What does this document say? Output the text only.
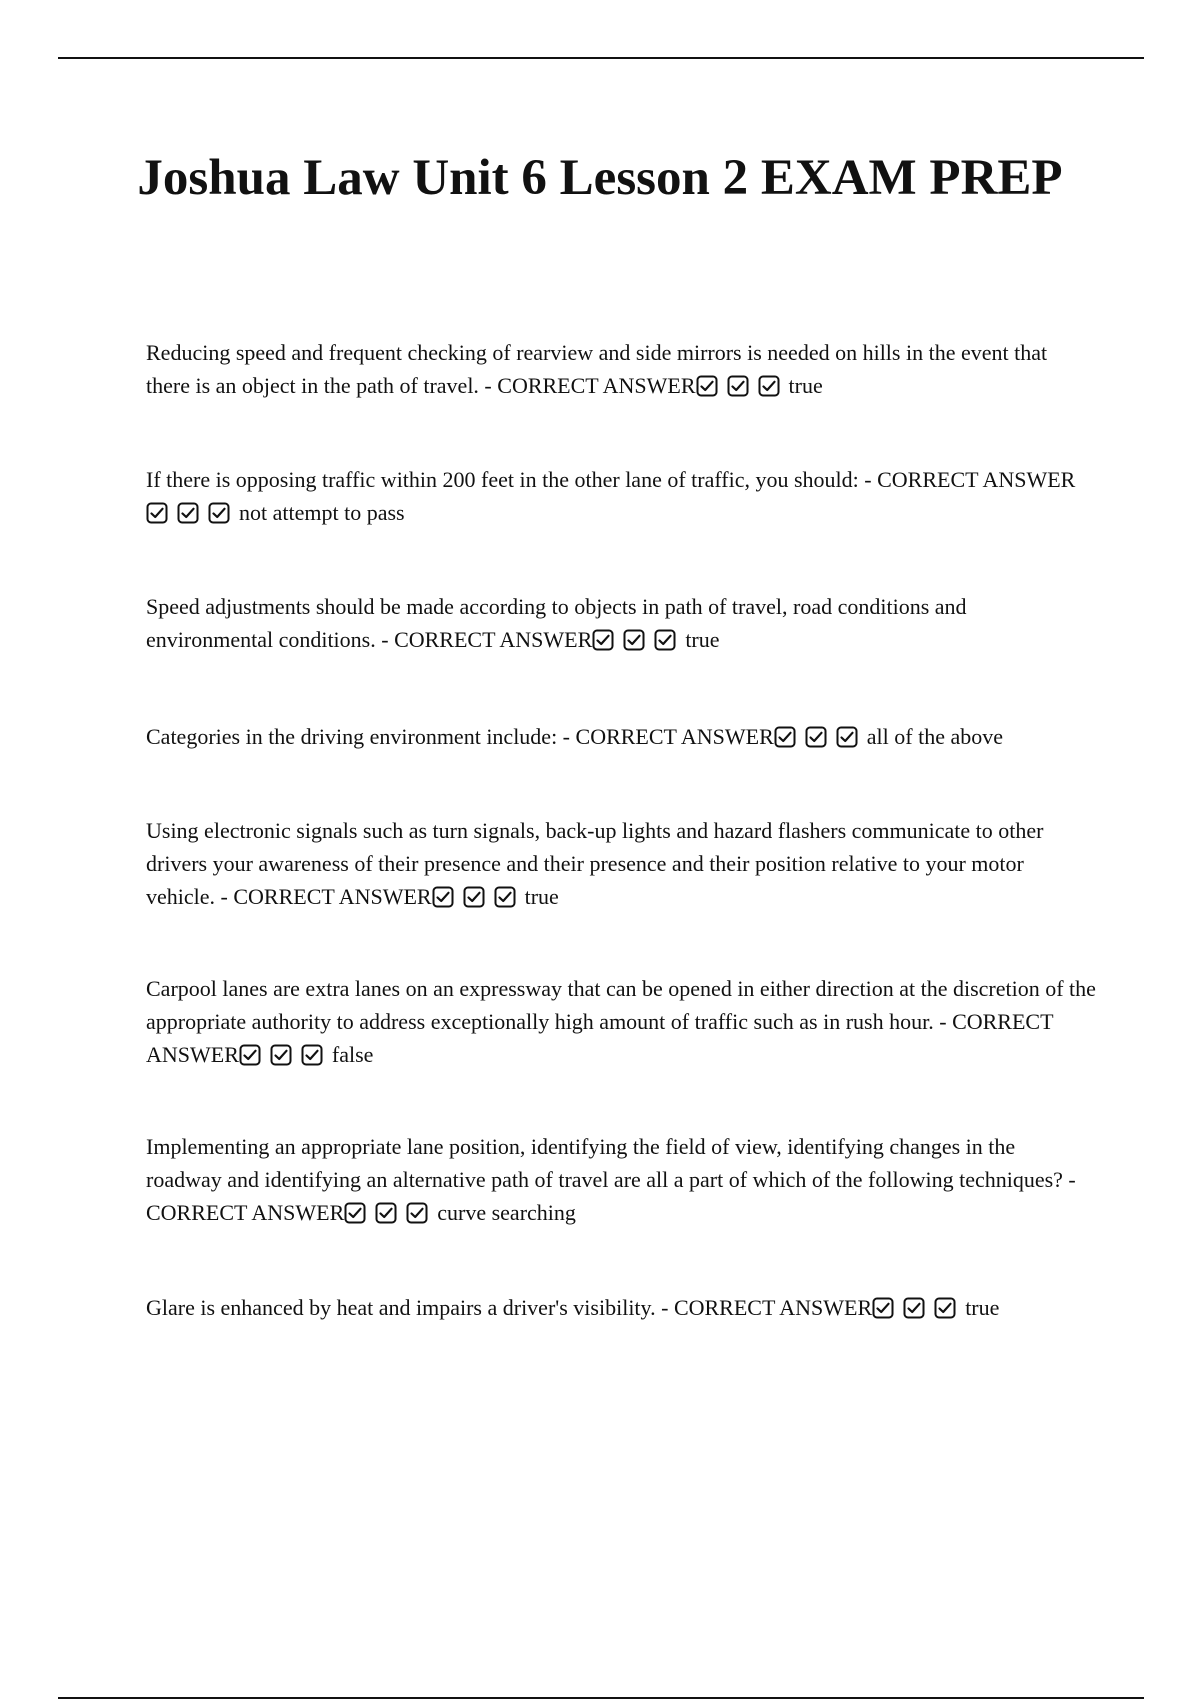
Joshua Law Unit 6 Lesson 2 EXAM PREP

Reducing speed and frequent checking of rearview and side mirrors is needed on hills in the event that there is an object in the path of travel. - CORRECT ANSWER	true

If there is opposing traffic within 200 feet in the other lane of traffic, you should: - CORRECT ANSWER
not attempt to pass

Speed adjustments should be made according to objects in path of travel, road conditions and environmental conditions. - CORRECT ANSWER	true

Categories in the driving environment include: - CORRECT ANSWER	all of the above

Using electronic signals such as turn signals, back-up lights and hazard flashers communicate to other drivers your awareness of their presence and their presence and their position relative to your motor vehicle. - CORRECT ANSWER	true

Carpool lanes are extra lanes on an expressway that can be opened in either direction at the discretion of the appropriate authority to address exceptionally high amount of traffic such as in rush hour. - CORRECT ANSWER	false

Implementing an appropriate lane position, identifying the field of view, identifying changes in the roadway and identifying an alternative path of travel are all a part of which of the following techniques? - CORRECT ANSWER	curve searching

Glare is enhanced by heat and impairs a driver's visibility. - CORRECT ANSWER	true
